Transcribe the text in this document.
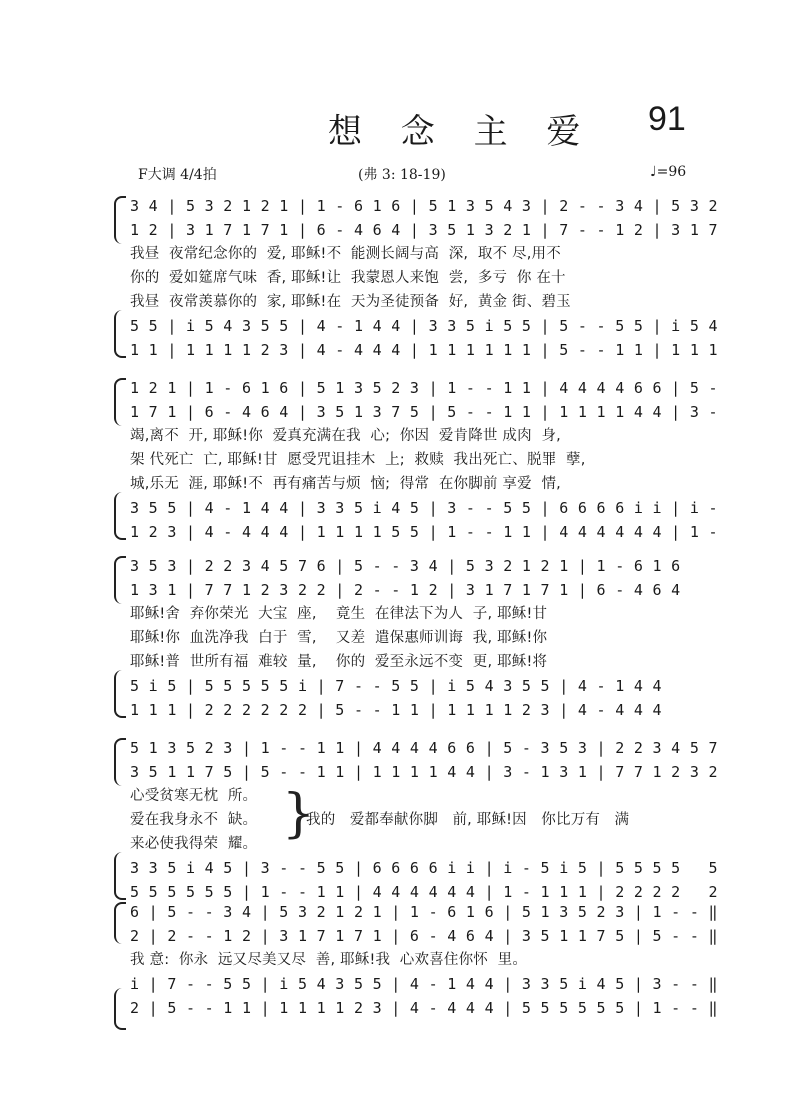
想 念 主 爱 91
F大调 4/4拍	(弗 3: 18-19)	♩=96
3 4 | 5 3 2 1 2 1 | 1 - 6 1 6 | 5 1 3 5 4 3 | 2 - - 3 4 | 5 3 2
1 2 | 3 1 7 1 7 1 | 6 - 4 6 4 | 3 5 1 3 2 1 | 7 - - 1 2 | 3 1 7
我昼  夜常纪念你的  爱, 耶稣!不  能测长阔与高  深,  取不 尽,用不
你的  爱如筵席气味  香, 耶稣!让  我蒙恩人来饱  尝,  多亏  你 在十
我昼  夜常羡慕你的  家, 耶稣!在  天为圣徒预备  好,  黄金 街、碧玉
5 5 | i 5 4 3 5 5 | 4 - 1 4 4 | 3 3 5 i 5 5 | 5 - - 5 5 | i 5 4
1 1 | 1 1 1 1 2 3 | 4 - 4 4 4 | 1 1 1 1 1 1 | 5 - - 1 1 | 1 1 1
1 2 1 | 1 - 6 1 6 | 5 1 3 5 2 3 | 1 - - 1 1 | 4 4 4 4 6 6 | 5 -
1 7 1 | 6 - 4 6 4 | 3 5 1 3 7 5 | 5 - - 1 1 | 1 1 1 1 4 4 | 3 -
竭,离不  开, 耶稣!你  爱真充满在我  心;  你因  爱肯降世 成肉  身,
架 代死亡  亡, 耶稣!甘  愿受咒诅挂木  上;  救赎  我出死亡、脱罪  孽,
城,乐无  涯, 耶稣!不  再有痛苦与烦  恼;  得常  在你脚前 享爱  情,
3 5 5 | 4 - 1 4 4 | 3 3 5 i 4 5 | 3 - - 5 5 | 6 6 6 6 i i | i -
1 2 3 | 4 - 4 4 4 | 1 1 1 1 5 5 | 1 - - 1 1 | 4 4 4 4 4 4 | 1 -
3 5 3 | 2 2 3 4 5 7 6 | 5 - - 3 4 | 5 3 2 1 2 1 | 1 - 6 1 6
1 3 1 | 7 7 1 2 3 2 2 | 2 - - 1 2 | 3 1 7 1 7 1 | 6 - 4 6 4
耶稣!舍  弃你荣光  大宝  座,    竟生  在律法下为人  子, 耶稣!甘
耶稣!你  血洗净我  白于  雪,    又差  遣保惠师训诲  我, 耶稣!你
耶稣!普  世所有福  难较  量,    你的  爱至永远不变  更, 耶稣!将
5 i 5 | 5 5 5 5 5 i | 7 - - 5 5 | i 5 4 3 5 5 | 4 - 1 4 4
1 1 1 | 2 2 2 2 2 2 | 5 - - 1 1 | 1 1 1 1 2 3 | 4 - 4 4 4
5 1 3 5 2 3 | 1 - - 1 1 | 4 4 4 4 6 6 | 5 - 3 5 3 | 2 2 3 4 5 7
3 5 1 1 7 5 | 5 - - 1 1 | 1 1 1 1 4 4 | 3 - 1 3 1 | 7 7 1 2 3 2
心受贫寒无枕  所。
爱在我身永不  缺。
来必使我得荣  耀。 }
我的   爱都奉献你脚   前, 耶稣!因   你比万有   满
3 3 5 i 4 5 | 3 - - 5 5 | 6 6 6 6 i i | i - 5 i 5 | 5 5 5 5   5
5 5 5 5 5 5 | 1 - - 1 1 | 4 4 4 4 4 4 | 1 - 1 1 1 | 2 2 2 2   2
6 | 5 - - 3 4 | 5 3 2 1 2 1 | 1 - 6 1 6 | 5 1 3 5 2 3 | 1 - - ‖
2 | 2 - - 1 2 | 3 1 7 1 7 1 | 6 - 4 6 4 | 3 5 1 1 7 5 | 5 - - ‖
我 意:  你永  远又尽美又尽  善, 耶稣!我  心欢喜住你怀  里。
i | 7 - - 5 5 | i 5 4 3 5 5 | 4 - 1 4 4 | 3 3 5 i 4 5 | 3 - - ‖
2 | 5 - - 1 1 | 1 1 1 1 2 3 | 4 - 4 4 4 | 5 5 5 5 5 5 | 1 - - ‖
